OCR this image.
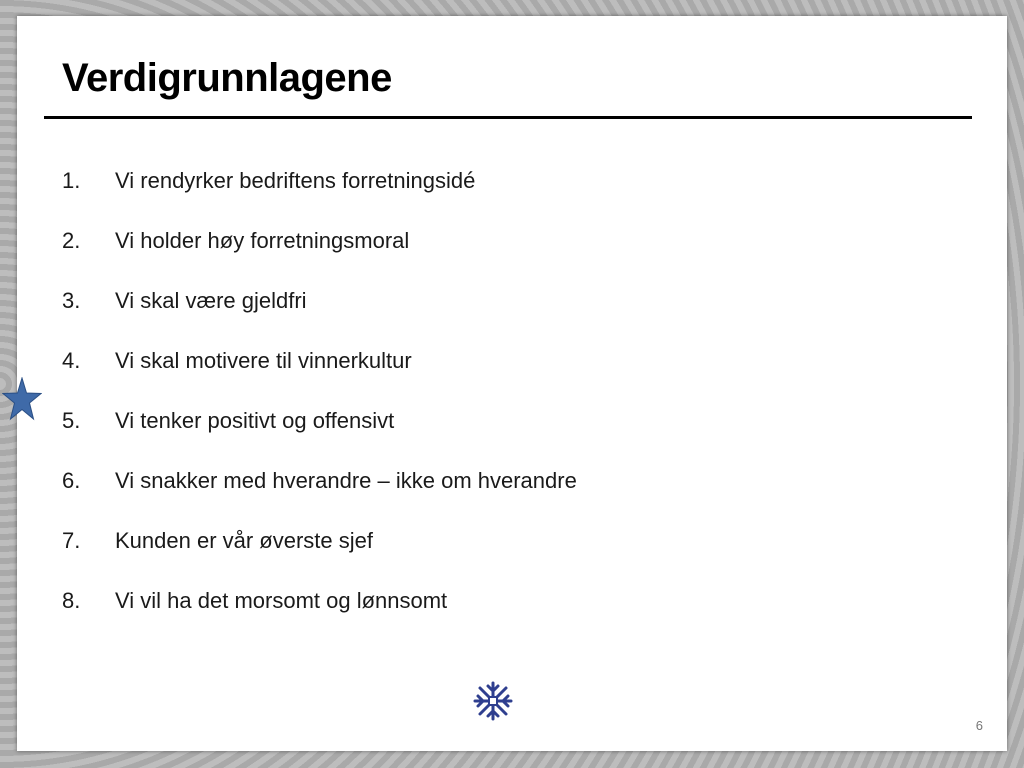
Verdigrunnlagene
1.	Vi rendyrker bedriftens forretningsidé
2.	Vi holder høy forretningsmoral
3.	Vi skal være gjeldfri
4.	Vi skal motivere til vinnerkultur
5.	Vi tenker positivt og offensivt
6.	Vi snakker med hverandre – ikke om hverandre
7.	Kunden er vår øverste sjef
8.	Vi vil ha det morsomt og lønnsomt
6
